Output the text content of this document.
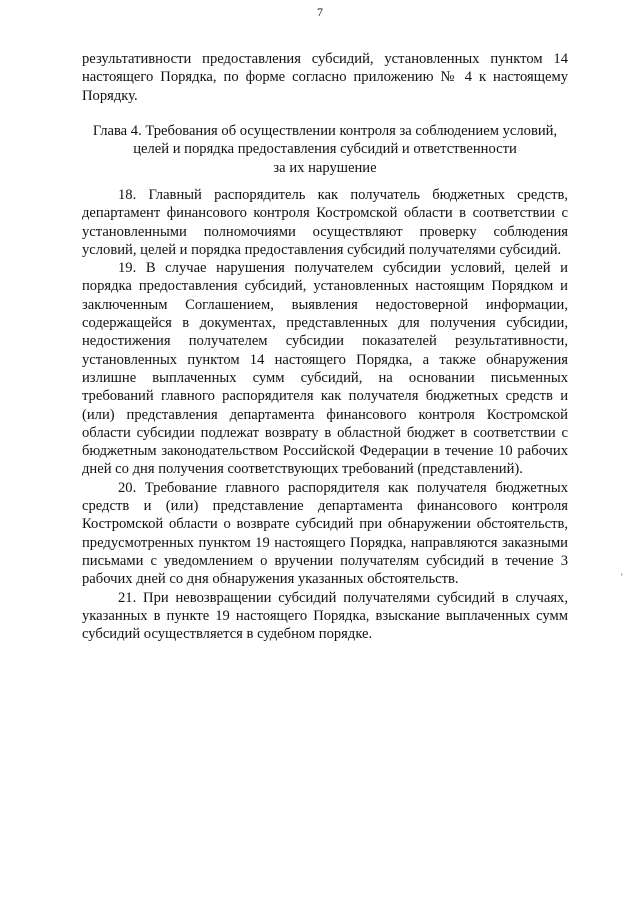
7

результативности предоставления субсидий, установленных пунктом 14 настоящего Порядка, по форме согласно приложению № 4 к настоящему Порядку.

Глава 4. Требования об осуществлении контроля за соблюдением условий,
целей и порядка предоставления субсидий и ответственности
за их нарушение

18. Главный распорядитель как получатель бюджетных средств, департамент финансового контроля Костромской области в соответствии с установленными полномочиями осуществляют проверку соблюдения условий, целей и порядка предоставления субсидий получателями субсидий.

19. В случае нарушения получателем субсидии условий, целей и порядка предоставления субсидий, установленных настоящим Порядком и заключенным Соглашением, выявления недостоверной информации, содержащейся в документах, представленных для получения субсидии, недостижения получателем субсидии показателей результативности, установленных пунктом 14 настоящего Порядка, а также обнаружения излишне выплаченных сумм субсидий, на основании письменных требований главного распорядителя как получателя бюджетных средств и (или) представления департамента финансового контроля Костромской области субсидии подлежат возврату в областной бюджет в соответствии с бюджетным законодательством Российской Федерации в течение 10 рабочих дней со дня получения соответствующих требований (представлений).

20. Требование главного распорядителя как получателя бюджетных средств и (или) представление департамента финансового контроля Костромской области о возврате субсидий при обнаружении обстоятельств, предусмотренных пунктом 19 настоящего Порядка, направляются заказными письмами с уведомлением о вручении получателям субсидий в течение 3 рабочих дней со дня обнаружения указанных обстоятельств.

21. При невозвращении субсидий получателями субсидий в случаях, указанных в пункте 19 настоящего Порядка, взыскание выплаченных сумм субсидий осуществляется в судебном порядке.

’
